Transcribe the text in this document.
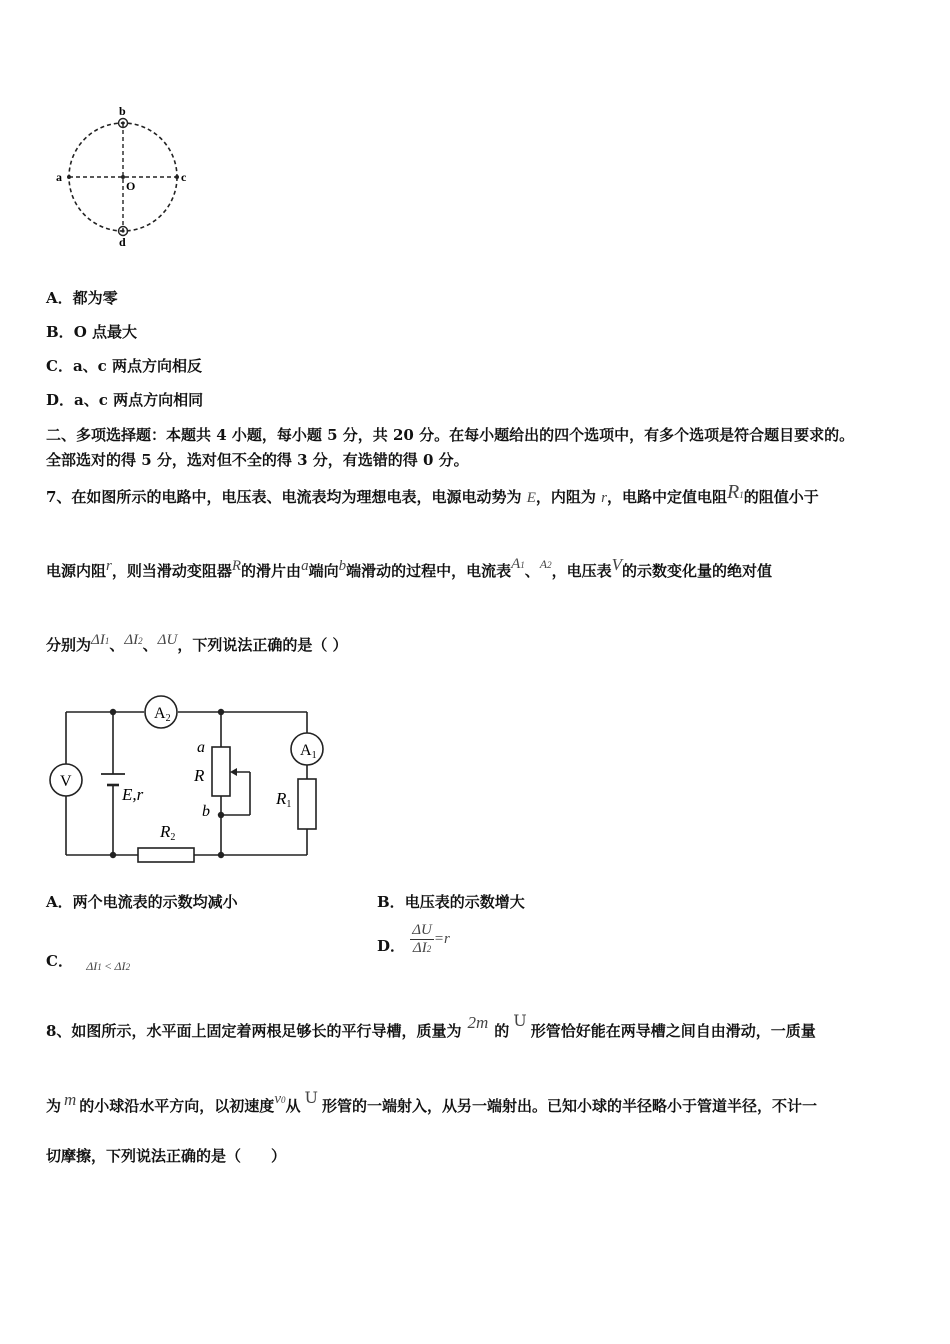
b
d
a	c
O
A．都为零
B．O 点最大
C．a、c 两点方向相反
D．a、c 两点方向相同
二、多项选择题：本题共 4 小题，每小题 5 分，共 20 分。在每小题给出的四个选项中，有多个选项是符合题目要求的。
全部选对的得 5 分，选对但不全的得 3 分，有选错的得 0 分。
7、在如图所示的电路中，电压表、电流表均为理想电表，电源电动势为 E，内阻为 r，电路中定值电阻R1的阻值小于
电源内阻r，则当滑动变阻器R的滑片由a端向b端滑动的过程中，电流表A1、$^{A2}$，电压表V的示数变化量的绝对值
分别为ΔI1、ΔI2、ΔU，下列说法正确的是（ ）
A2
A1
V
E,r
a
R
b
R1
R2
A．两个电流表的示数均减小	B．电压表的示数增大
C． $_{\Delta I1 < \Delta I2}$
D． $\frac{\Delta U}{\Delta I2} =r$
8、如图所示，水平面上固定着两根足够长的平行导槽，质量为 2m 的U形管恰好能在两导槽之间自由滑动，一质量
为 m 的小球沿水平方向，以初速度v0从 U 形管的一端射入，从另一端射出。已知小球的半径略小于管道半径，不计一
切摩擦，下列说法正确的是（　　）
